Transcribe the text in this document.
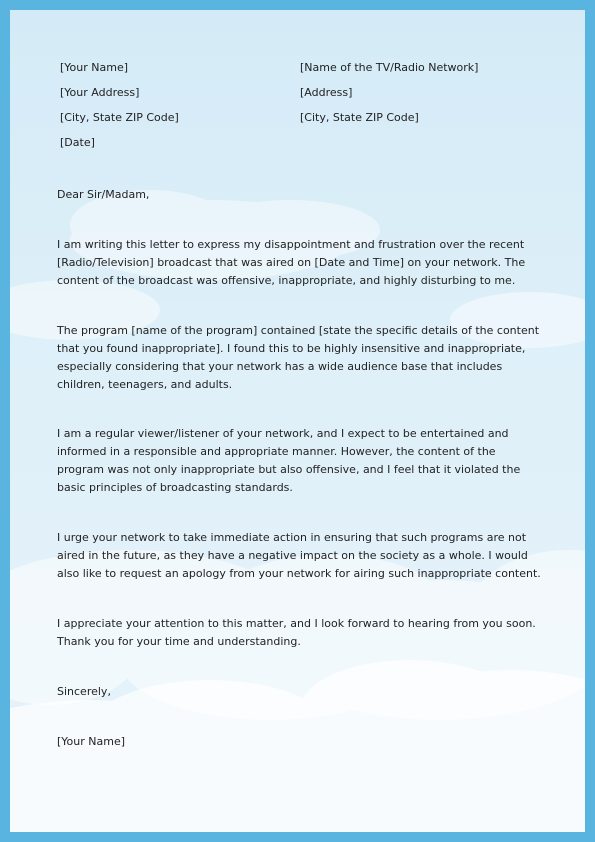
[Your Name]
[Your Address]
[City, State ZIP Code]
[Date]
[Name of the TV/Radio Network]
[Address]
[City, State ZIP Code]

Dear Sir/Madam,

I am writing this letter to express my disappointment and frustration over the recent [Radio/Television] broadcast that was aired on [Date and Time] on your network. The content of the broadcast was offensive, inappropriate, and highly disturbing to me.

The program [name of the program] contained [state the specific details of the content that you found inappropriate]. I found this to be highly insensitive and inappropriate, especially considering that your network has a wide audience base that includes children, teenagers, and adults.

I am a regular viewer/listener of your network, and I expect to be entertained and informed in a responsible and appropriate manner. However, the content of the program was not only inappropriate but also offensive, and I feel that it violated the basic principles of broadcasting standards.

I urge your network to take immediate action in ensuring that such programs are not aired in the future, as they have a negative impact on the society as a whole. I would also like to request an apology from your network for airing such inappropriate content.

I appreciate your attention to this matter, and I look forward to hearing from you soon. Thank you for your time and understanding.

Sincerely,

[Your Name]
